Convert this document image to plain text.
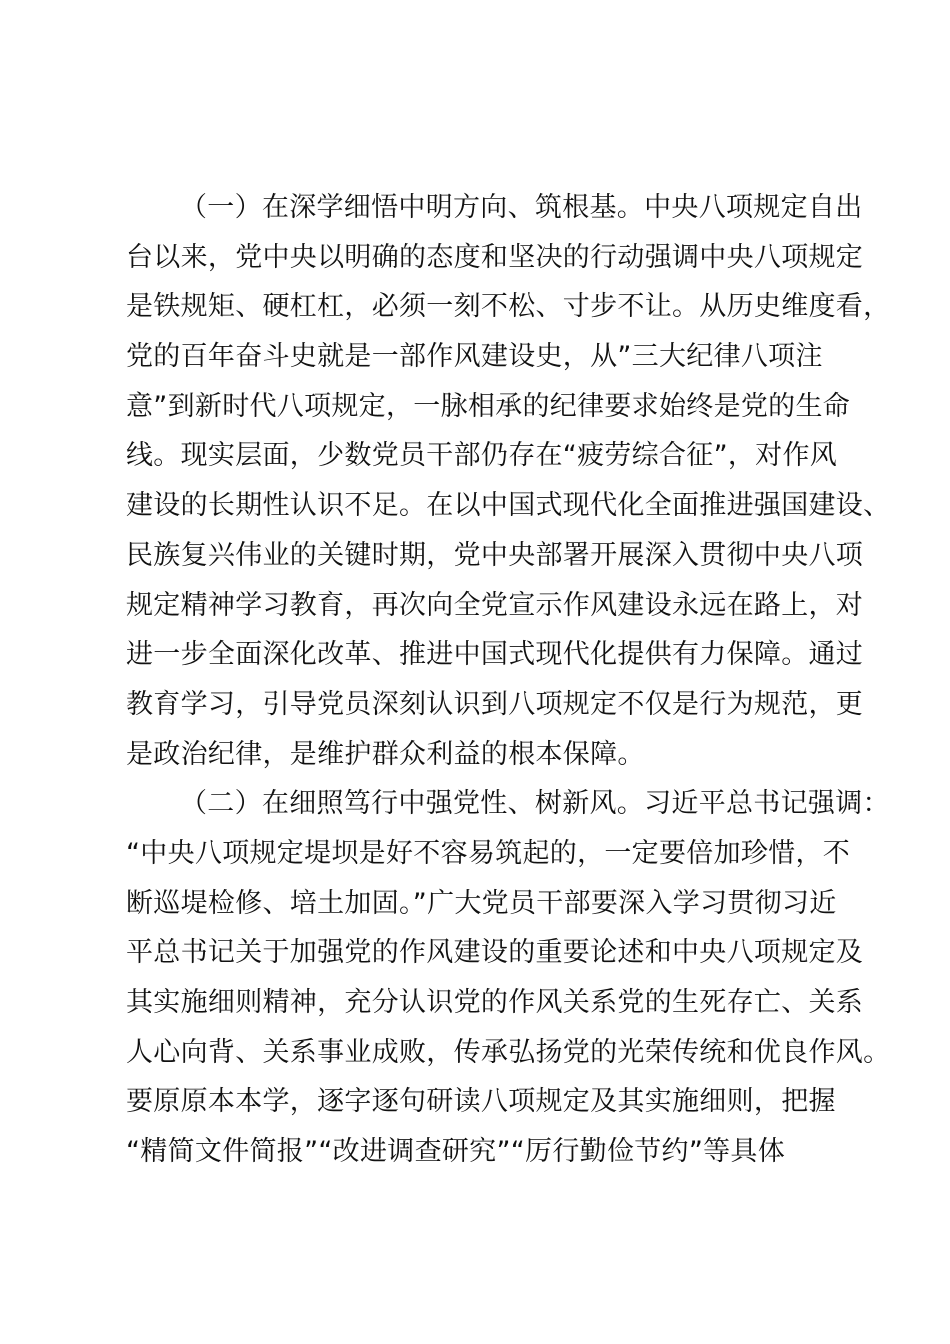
（一）在深学细悟中明方向、筑根基。中央八项规定自出
台以来，党中央以明确的态度和坚决的行动强调中央八项规定
是铁规矩、硬杠杠，必须一刻不松、寸步不让。从历史维度看，
党的百年奋斗史就是一部作风建设史，从”三大纪律八项注
意”到新时代八项规定，一脉相承的纪律要求始终是党的生命
线。现实层面，少数党员干部仍存在“疲劳综合征”，对作风
建设的长期性认识不足。在以中国式现代化全面推进强国建设、
民族复兴伟业的关键时期，党中央部署开展深入贯彻中央八项
规定精神学习教育，再次向全党宣示作风建设永远在路上，对
进一步全面深化改革、推进中国式现代化提供有力保障。通过
教育学习，引导党员深刻认识到八项规定不仅是行为规范，更
是政治纪律，是维护群众利益的根本保障。
（二）在细照笃行中强党性、树新风。习近平总书记强调：
“中央八项规定堤坝是好不容易筑起的，一定要倍加珍惜，不
断巡堤检修、培土加固。”广大党员干部要深入学习贯彻习近
平总书记关于加强党的作风建设的重要论述和中央八项规定及
其实施细则精神，充分认识党的作风关系党的生死存亡、关系
人心向背、关系事业成败，传承弘扬党的光荣传统和优良作风。
要原原本本学，逐字逐句研读八项规定及其实施细则，把握
“精简文件简报”“改进调查研究”“厉行勤俭节约”等具体
